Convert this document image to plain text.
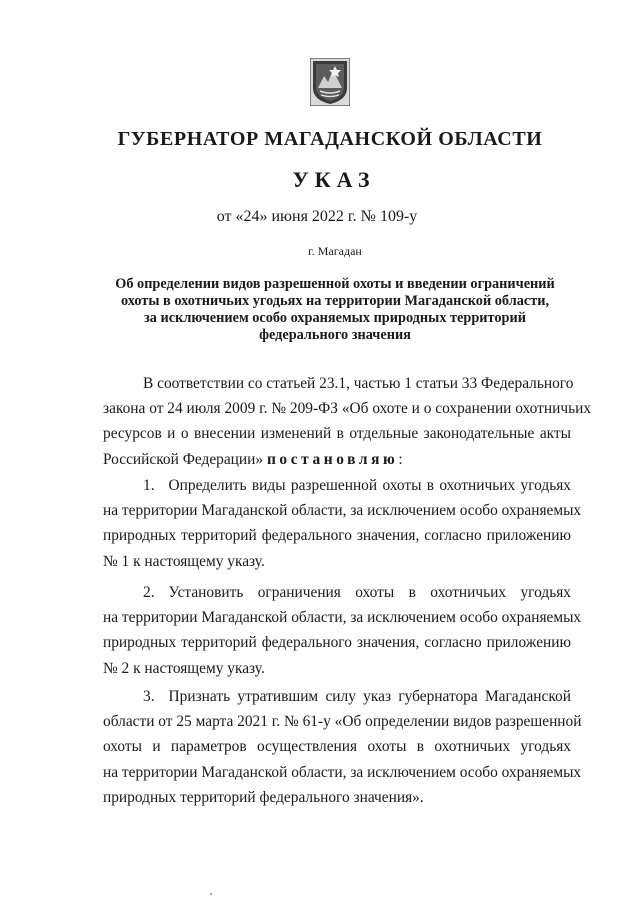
ГУБЕРНАТОР МАГАДАНСКОЙ ОБЛАСТИ
УКАЗ
от «24» июня 2022 г. № 109-у
г. Магадан
Об определении видов разрешенной охоты и введении ограничений
охоты в охотничьих угодьях на территории Магаданской области,
за исключением особо охраняемых природных территорий
федерального значения
В соответствии со статьей 23.1, частью 1 статьи 33 Федерального
закона от 24 июля 2009 г. № 209-ФЗ «Об охоте и о сохранении охотничьих
ресурсов и о внесении изменений в отдельные законодательные акты
Российской Федерации» постановляю:
1. Определить виды разрешенной охоты в охотничьих угодьях
на территории Магаданской области, за исключением особо охраняемых
природных территорий федерального значения, согласно приложению
№ 1 к настоящему указу.
2. Установить ограничения охоты в охотничьих угодьях
на территории Магаданской области, за исключением особо охраняемых
природных территорий федерального значения, согласно приложению
№ 2 к настоящему указу.
3. Признать утратившим силу указ губернатора Магаданской
области от 25 марта 2021 г. № 61-у «Об определении видов разрешенной
охоты и параметров осуществления охоты в охотничьих угодьях
на территории Магаданской области, за исключением особо охраняемых
природных территорий федерального значения».
